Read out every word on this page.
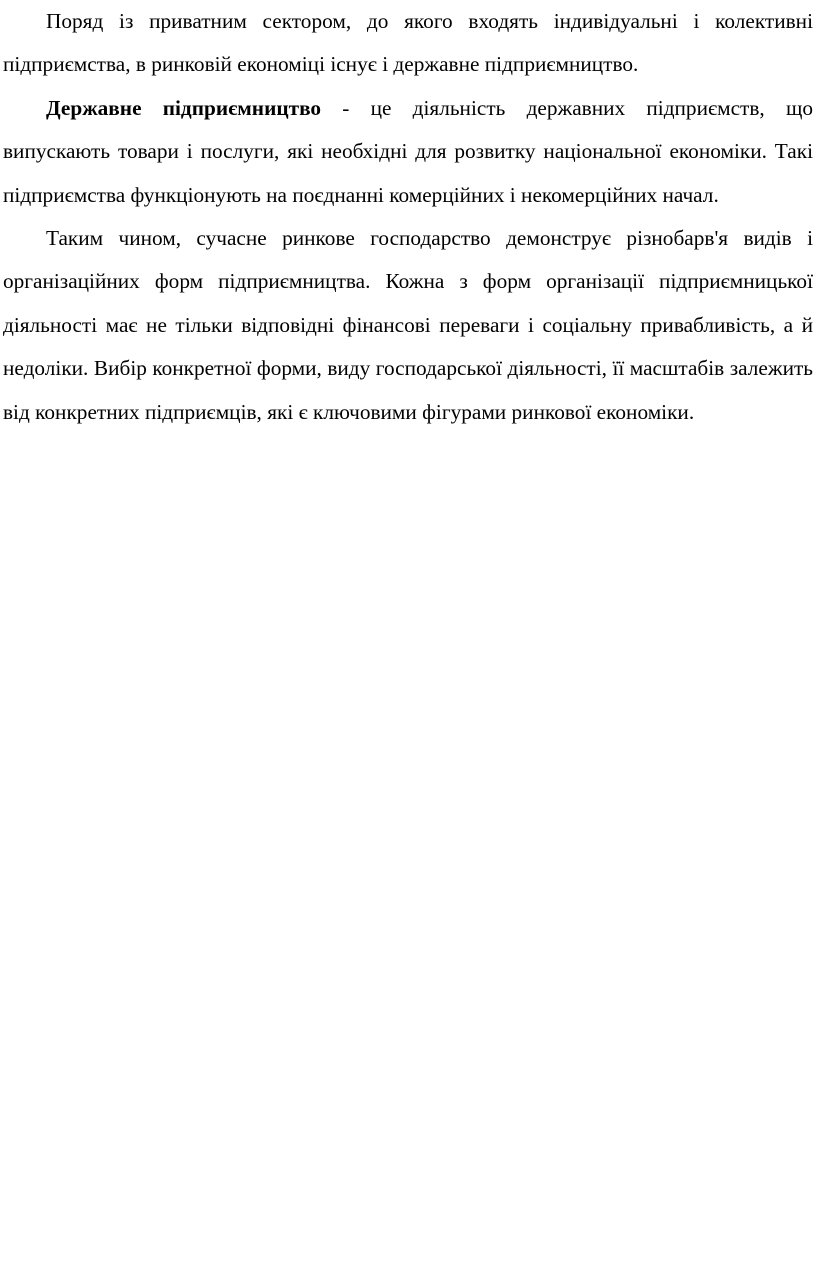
Поряд із приватним сектором, до якого входять індивідуальні і колективні підприємства, в ринковій економіці існує і державне підприємництво.

Державне підприємництво - це діяльність державних підприємств, що випускають товари і послуги, які необхідні для розвитку національної економіки. Такі підприємства функціонують на поєднанні комерційних і некомерційних начал.

Таким чином, сучасне ринкове господарство демонструє різнобарв'я видів і організаційних форм підприємництва. Кожна з форм організації підприємницької діяльності має не тільки відповідні фінансові переваги і соціальну привабливість, а й недоліки. Вибір конкретної форми, виду господарської діяльності, її масштабів залежить від конкретних підприємців, які є ключовими фігурами ринкової економіки.
